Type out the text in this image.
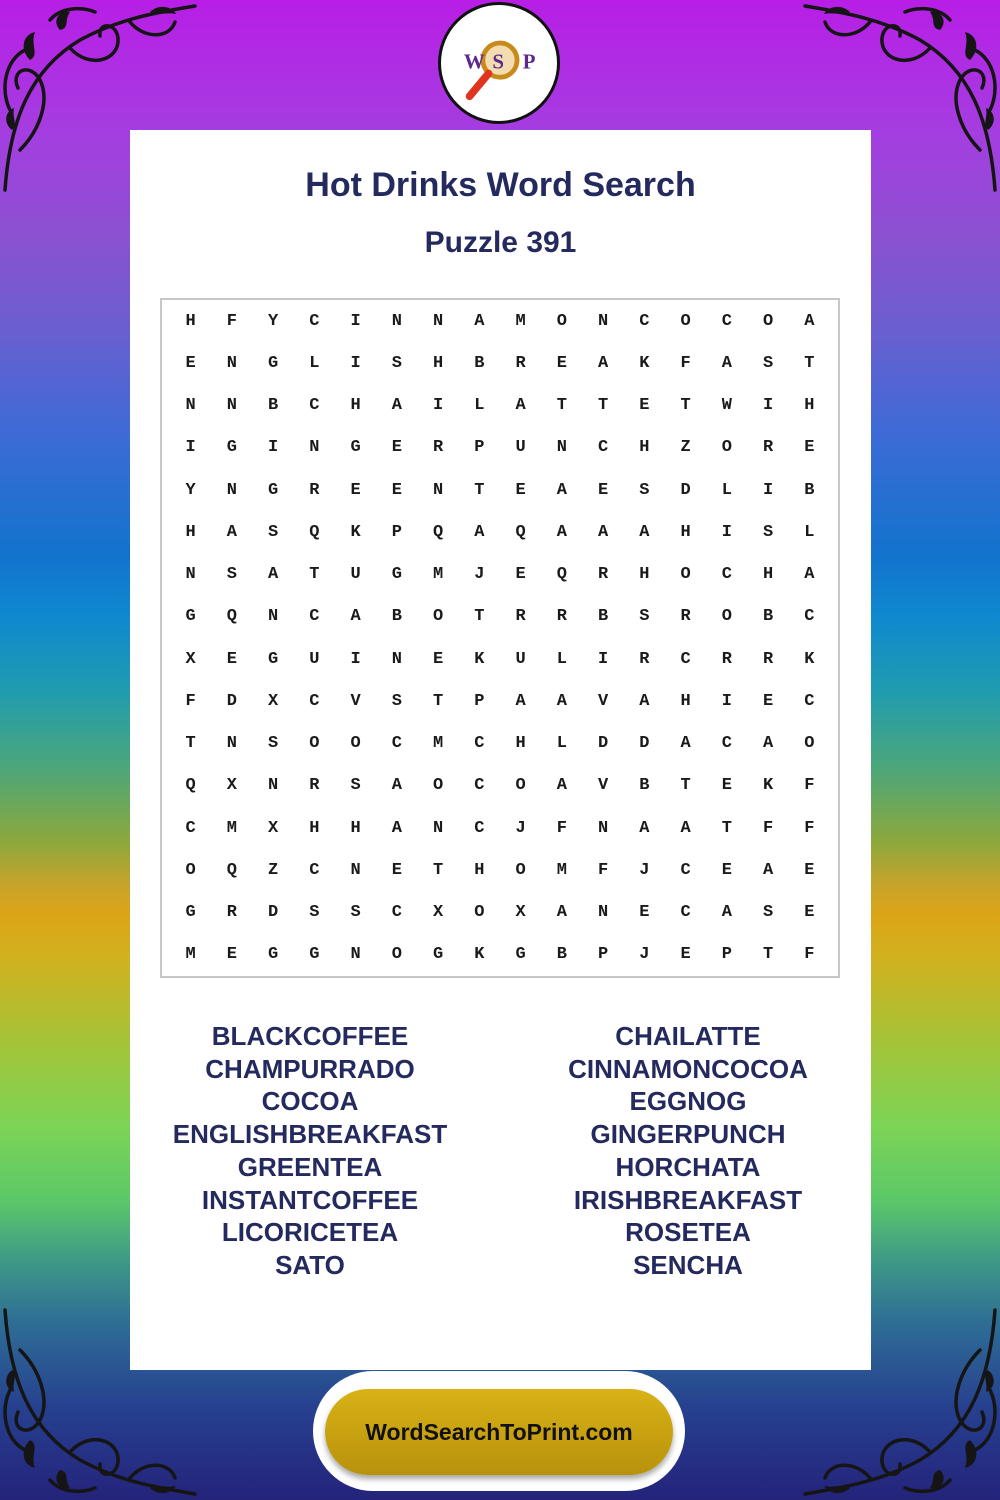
W S P
Hot Drinks Word Search
Puzzle 391
H	F	Y	C	I	N	N	A	M	O	N	C	O	C	O	A
E	N	G	L	I	S	H	B	R	E	A	K	F	A	S	T
N	N	B	C	H	A	I	L	A	T	T	E	T	W	I	H
I	G	I	N	G	E	R	P	U	N	C	H	Z	O	R	E
Y	N	G	R	E	E	N	T	E	A	E	S	D	L	I	B
H	A	S	Q	K	P	Q	A	Q	A	A	A	H	I	S	L
N	S	A	T	U	G	M	J	E	Q	R	H	O	C	H	A
G	Q	N	C	A	B	O	T	R	R	B	S	R	O	B	C
X	E	G	U	I	N	E	K	U	L	I	R	C	R	R	K
F	D	X	C	V	S	T	P	A	A	V	A	H	I	E	C
T	N	S	O	O	C	M	C	H	L	D	D	A	C	A	O
Q	X	N	R	S	A	O	C	O	A	V	B	T	E	K	F
C	M	X	H	H	A	N	C	J	F	N	A	A	T	F	F
O	Q	Z	C	N	E	T	H	O	M	F	J	C	E	A	E
G	R	D	S	S	C	X	O	X	A	N	E	C	A	S	E
M	E	G	G	N	O	G	K	G	B	P	J	E	P	T	F
BLACKCOFFEE
CHAMPURRADO
COCOA
ENGLISHBREAKFAST
GREENTEA
INSTANTCOFFEE
LICORICETEA
SATO
CHAILATTE
CINNAMONCOCOA
EGGNOG
GINGERPUNCH
HORCHATA
IRISHBREAKFAST
ROSETEA
SENCHA
WordSearchToPrint.com
